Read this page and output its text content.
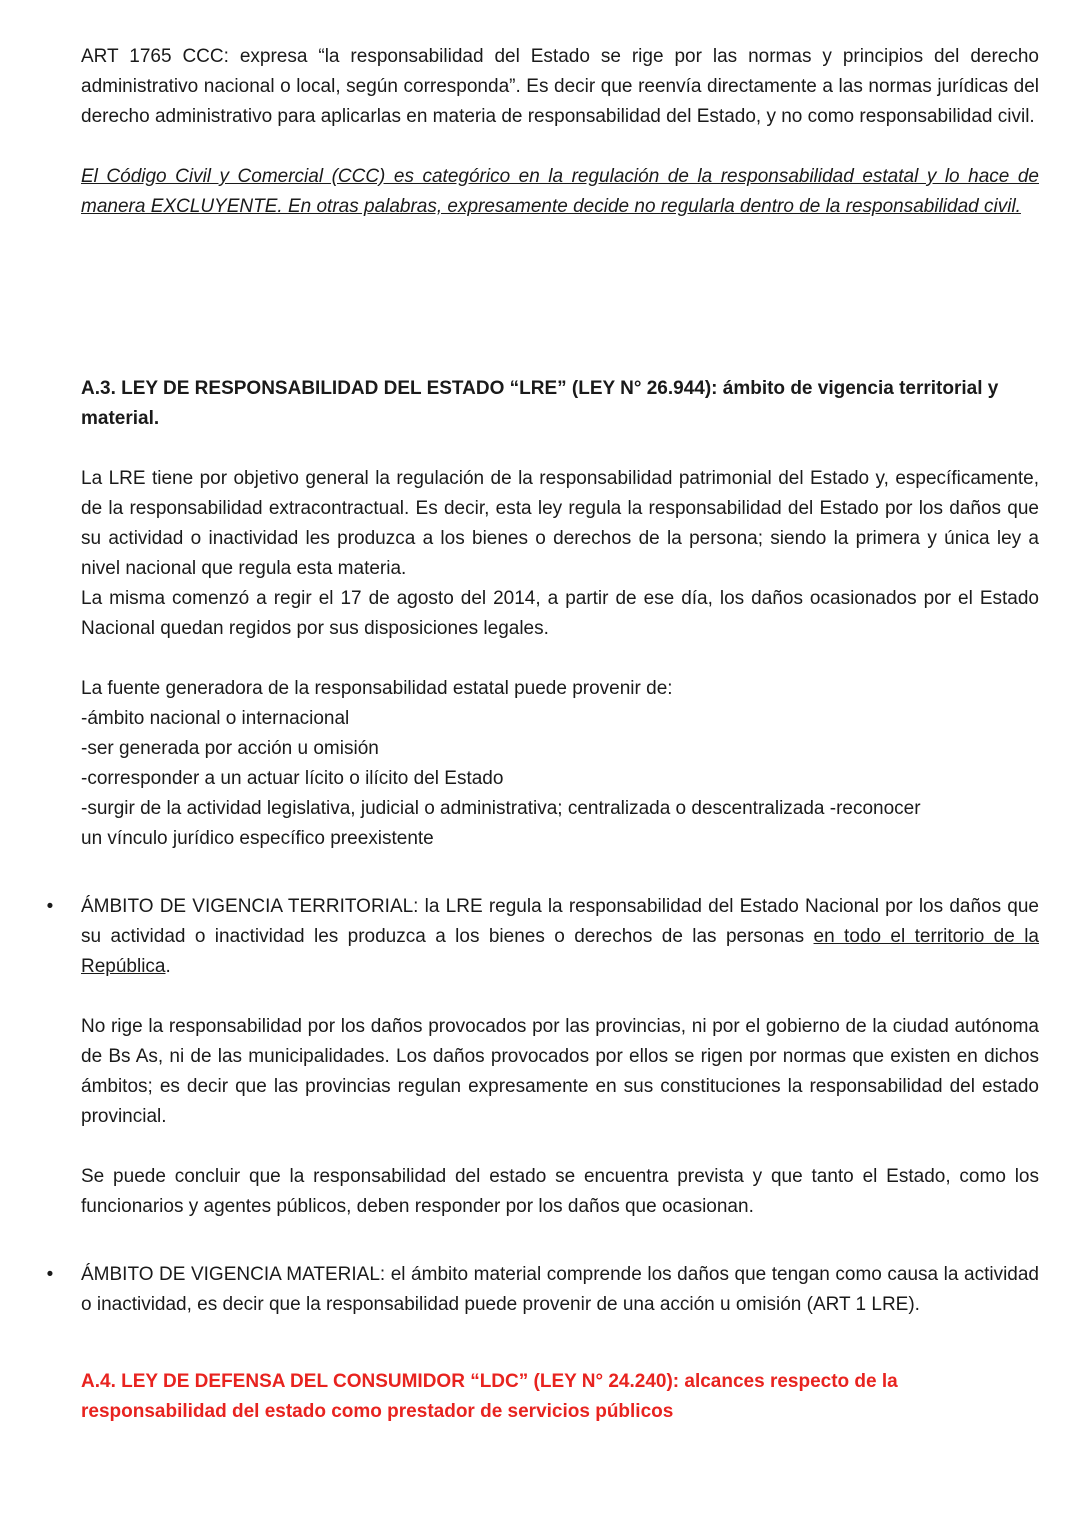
ART 1765 CCC: expresa “la responsabilidad del Estado se rige por las normas y principios del derecho administrativo nacional o local, según corresponda”. Es decir que reenvía directamente a las normas jurídicas del derecho administrativo para aplicarlas en materia de responsabilidad del Estado, y no como responsabilidad civil.

El Código Civil y Comercial (CCC) es categórico en la regulación de la responsabilidad estatal y lo hace de manera EXCLUYENTE. En otras palabras, expresamente decide no regularla dentro de la responsabilidad civil.

A.3. LEY DE RESPONSABILIDAD DEL ESTADO “LRE” (LEY N° 26.944): ámbito de vigencia territorial y material.

La LRE tiene por objetivo general la regulación de la responsabilidad patrimonial del Estado y, específicamente, de la responsabilidad extracontractual. Es decir, esta ley regula la responsabilidad del Estado por los daños que su actividad o inactividad les produzca a los bienes o derechos de la persona; siendo la primera y única ley a nivel nacional que regula esta materia.

La misma comenzó a regir el 17 de agosto del 2014, a partir de ese día, los daños ocasionados por el Estado Nacional quedan regidos por sus disposiciones legales.

La fuente generadora de la responsabilidad estatal puede provenir de:
-ámbito nacional o internacional
-ser generada por acción u omisión
-corresponder a un actuar lícito o ilícito del Estado
-surgir de la actividad legislativa, judicial o administrativa; centralizada o descentralizada -reconocer
un vínculo jurídico específico preexistente
• ÁMBITO DE VIGENCIA TERRITORIAL: la LRE regula la responsabilidad del Estado Nacional por los daños que su actividad o inactividad les produzca a los bienes o derechos de las personas en todo el territorio de la República.

No rige la responsabilidad por los daños provocados por las provincias, ni por el gobierno de la ciudad autónoma de Bs As, ni de las municipalidades. Los daños provocados por ellos se rigen por normas que existen en dichos ámbitos; es decir que las provincias regulan expresamente en sus constituciones la responsabilidad del estado provincial.

Se puede concluir que la responsabilidad del estado se encuentra prevista y que tanto el Estado, como los funcionarios y agentes públicos, deben responder por los daños que ocasionan.

• ÁMBITO DE VIGENCIA MATERIAL: el ámbito material comprende los daños que tengan como causa la actividad o inactividad, es decir que la responsabilidad puede provenir de una acción u omisión (ART 1 LRE).

A.4. LEY DE DEFENSA DEL CONSUMIDOR “LDC” (LEY N° 24.240): alcances respecto de la responsabilidad del estado como prestador de servicios públicos
